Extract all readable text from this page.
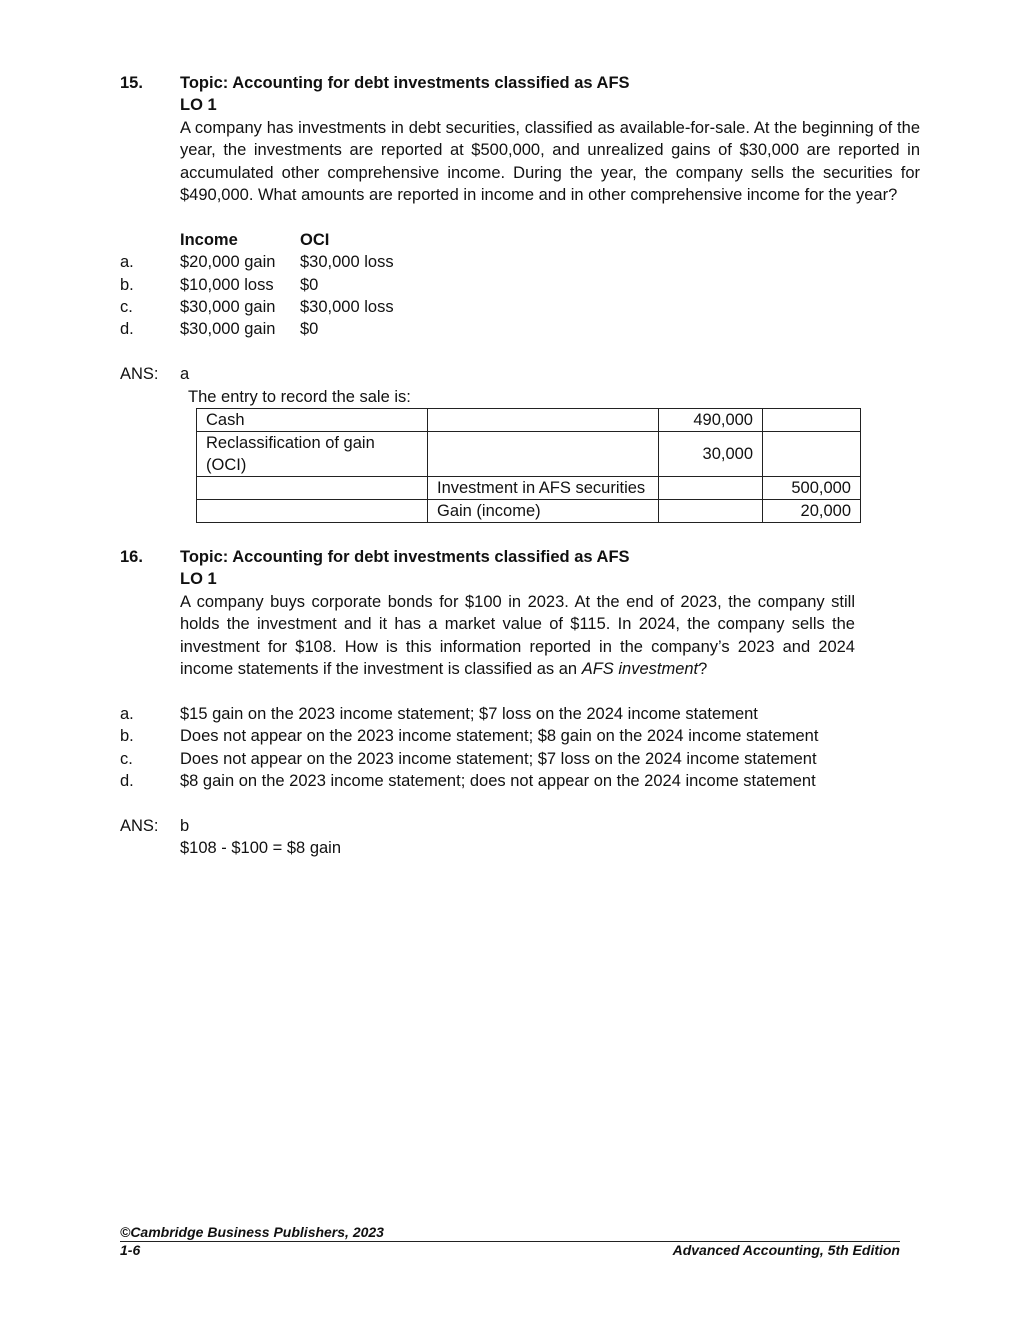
15. Topic: Accounting for debt investments classified as AFS
LO 1
A company has investments in debt securities, classified as available-for-sale. At the beginning of the year, the investments are reported at $500,000, and unrealized gains of $30,000 are reported in accumulated other comprehensive income. During the year, the company sells the securities for $490,000. What amounts are reported in income and in other comprehensive income for the year?
Income	OCI
a.	$20,000 gain $30,000 loss
b.	$10,000 loss $0
c.	$30,000 gain $30,000 loss
d.	$30,000 gain $0
ANS: a
The entry to record the sale is:
Cash		490,000	
Reclassification of gain (OCI)		30,000	
	Investment in AFS securities		500,000
	Gain (income)		20,000
16. Topic: Accounting for debt investments classified as AFS
LO 1
A company buys corporate bonds for $100 in 2023. At the end of 2023, the company still holds the investment and it has a market value of $115. In 2024, the company sells the investment for $108. How is this information reported in the company’s 2023 and 2024 income statements if the investment is classified as an AFS investment?
a.	$15 gain on the 2023 income statement; $7 loss on the 2024 income statement
b.	Does not appear on the 2023 income statement; $8 gain on the 2024 income statement
c.	Does not appear on the 2023 income statement; $7 loss on the 2024 income statement
d.	$8 gain on the 2023 income statement; does not appear on the 2024 income statement
ANS: b
$108 - $100 = $8 gain
©Cambridge Business Publishers, 2023
1-6	Advanced Accounting, 5th Edition
